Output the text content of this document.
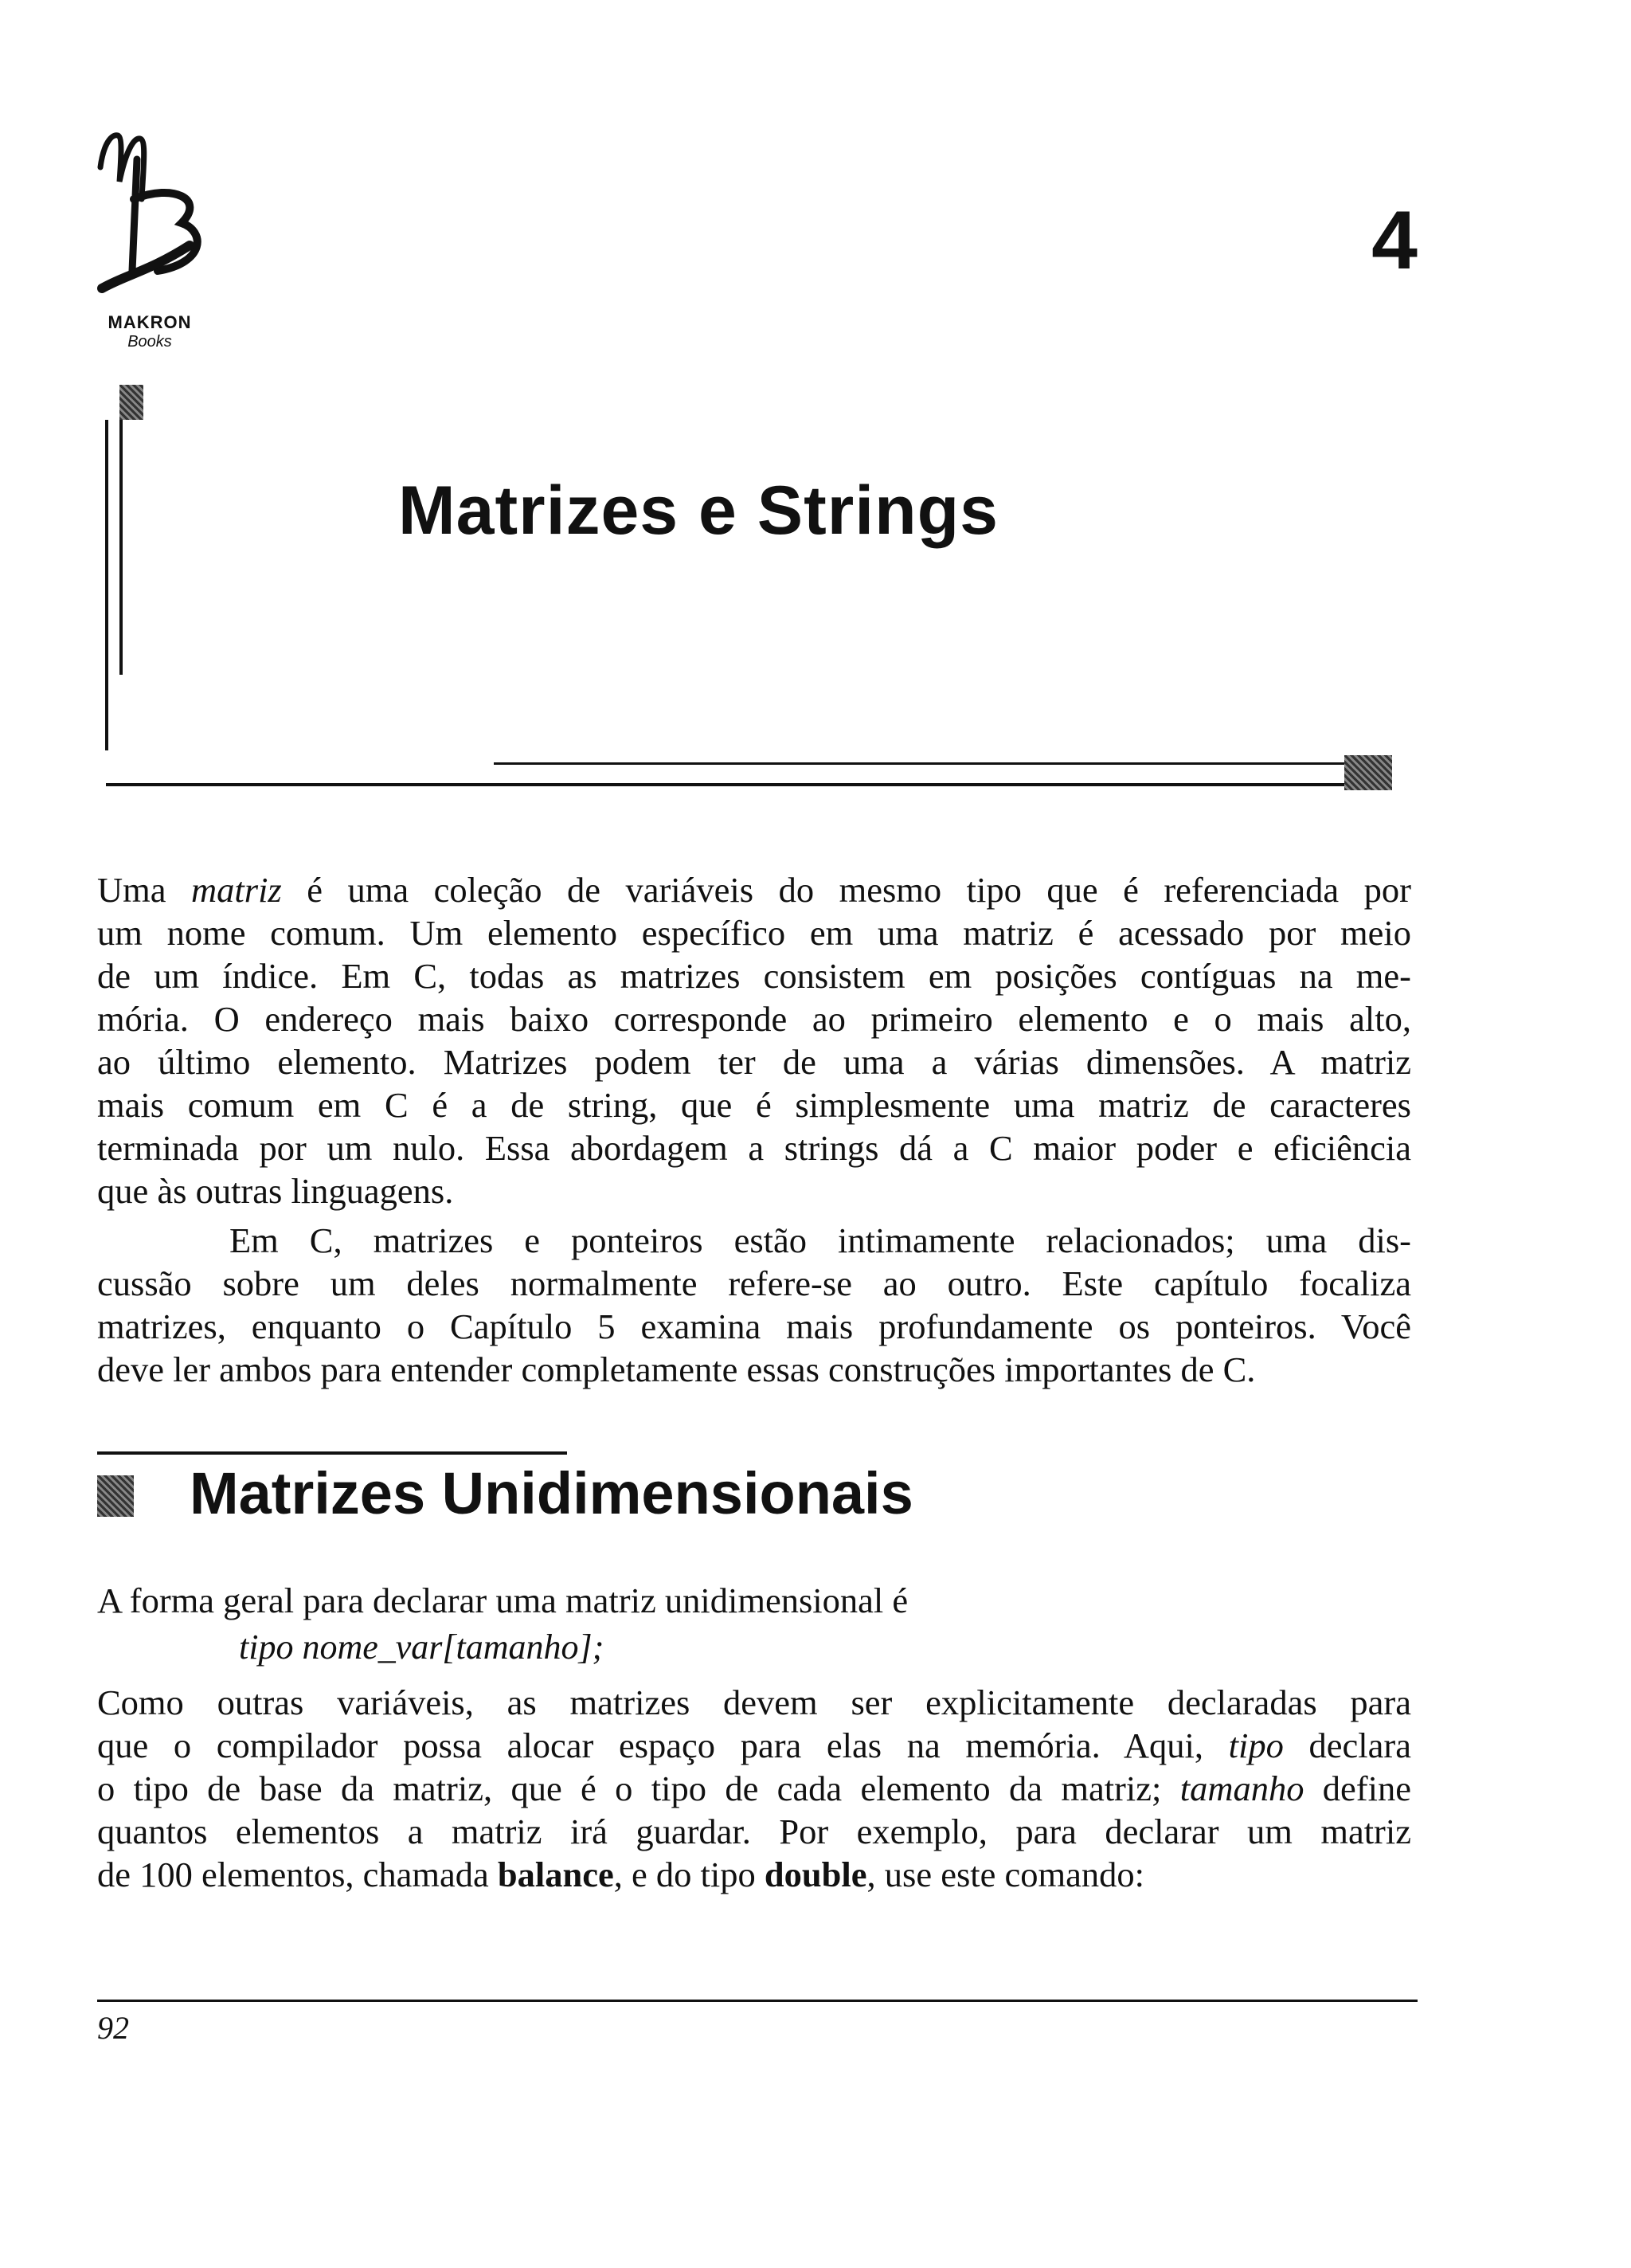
MAKRON
Books
4
Matrizes e Strings
Uma matriz é uma coleção de variáveis do mesmo tipo que é referenciada por
um nome comum. Um elemento específico em uma matriz é acessado por meio
de um índice. Em C, todas as matrizes consistem em posições contíguas na me-
mória. O endereço mais baixo corresponde ao primeiro elemento e o mais alto,
ao último elemento. Matrizes podem ter de uma a várias dimensões. A matriz
mais comum em C é a de string, que é simplesmente uma matriz de caracteres
terminada por um nulo. Essa abordagem a strings dá a C maior poder e eficiência
que às outras linguagens.
Em C, matrizes e ponteiros estão intimamente relacionados; uma dis-
cussão sobre um deles normalmente refere-se ao outro. Este capítulo focaliza
matrizes, enquanto o Capítulo 5 examina mais profundamente os ponteiros. Você
deve ler ambos para entender completamente essas construções importantes de C.
Matrizes Unidimensionais
A forma geral para declarar uma matriz unidimensional é
tipo nome_var[tamanho];
Como outras variáveis, as matrizes devem ser explicitamente declaradas para
que o compilador possa alocar espaço para elas na memória. Aqui, tipo declara
o tipo de base da matriz, que é o tipo de cada elemento da matriz; tamanho define
quantos elementos a matriz irá guardar. Por exemplo, para declarar um matriz
de 100 elementos, chamada balance, e do tipo double, use este comando:
92
